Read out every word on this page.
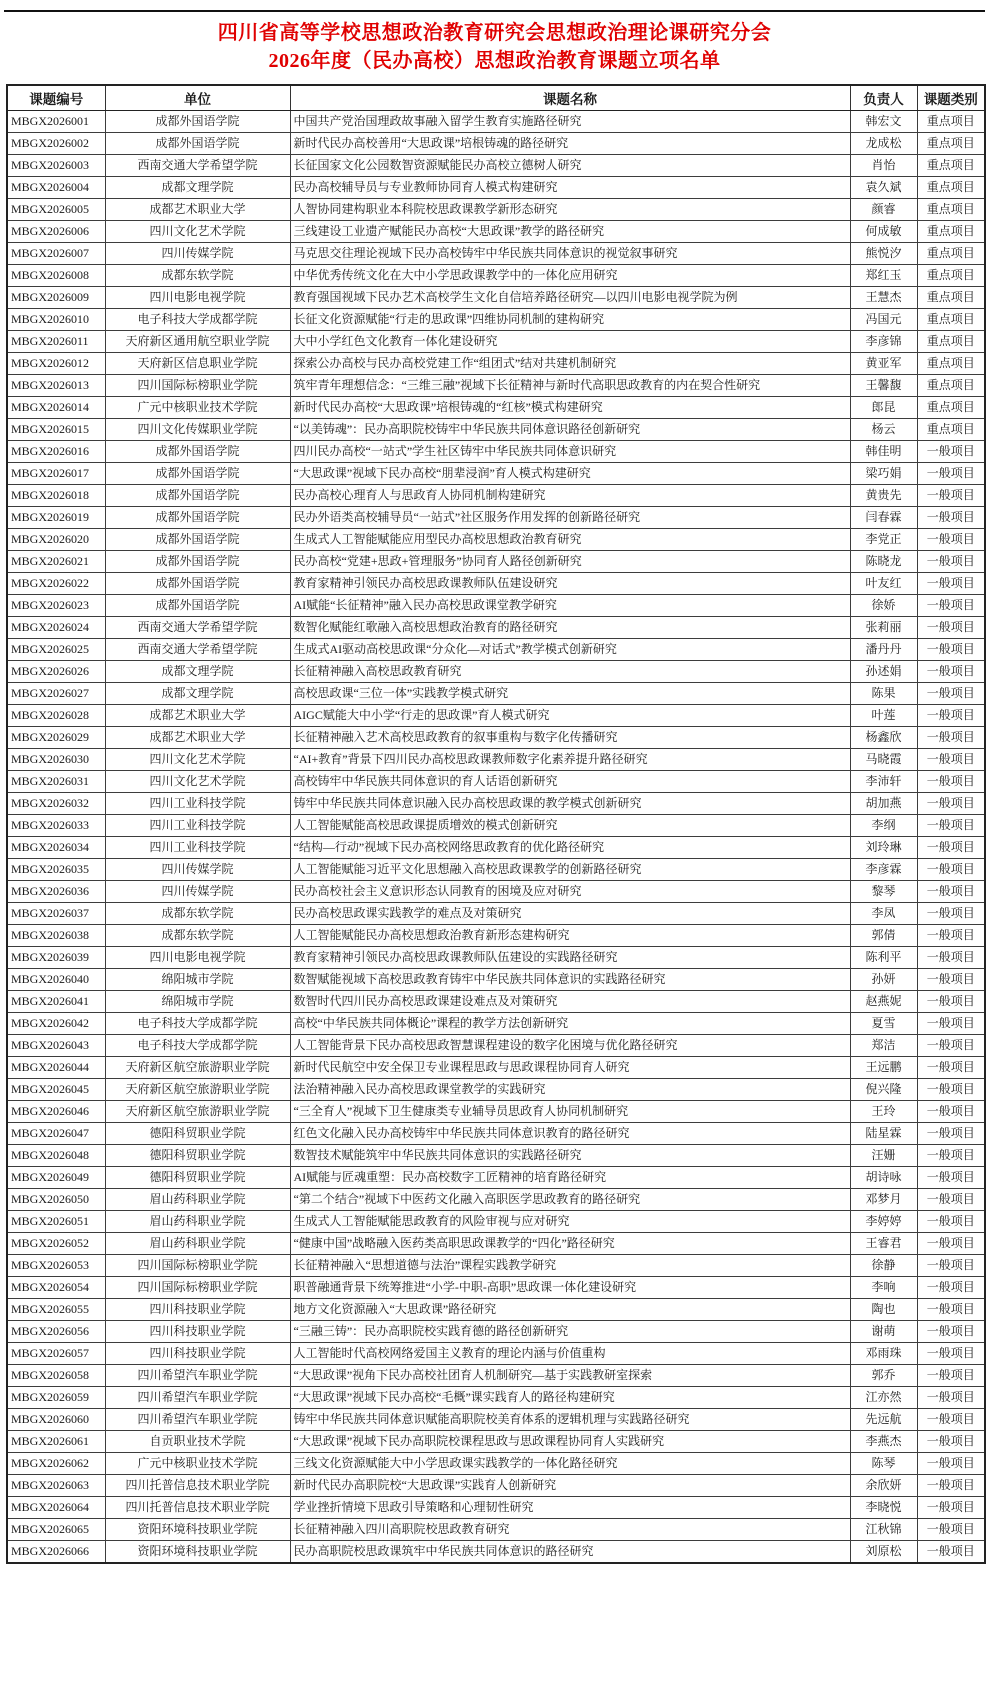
四川省高等学校思想政治教育研究会思想政治理论课研究分会
2026年度（民办高校）思想政治教育课题立项名单
课题编号	单位	课题名称	负责人	课题类别
MBGX2026001	成都外国语学院	中国共产党治国理政故事融入留学生教育实施路径研究	韩宏文	重点项目
MBGX2026002	成都外国语学院	新时代民办高校善用“大思政课”培根铸魂的路径研究	龙成松	重点项目
MBGX2026003	西南交通大学希望学院	长征国家文化公园数智资源赋能民办高校立德树人研究	肖怡	重点项目
MBGX2026004	成都文理学院	民办高校辅导员与专业教师协同育人模式构建研究	袁久斌	重点项目
MBGX2026005	成都艺术职业大学	人智协同建构职业本科院校思政课教学新形态研究	颜睿	重点项目
MBGX2026006	四川文化艺术学院	三线建设工业遗产赋能民办高校“大思政课”教学的路径研究	何成敏	重点项目
MBGX2026007	四川传媒学院	马克思交往理论视域下民办高校铸牢中华民族共同体意识的视觉叙事研究	熊悦汐	重点项目
MBGX2026008	成都东软学院	中华优秀传统文化在大中小学思政课教学中的一体化应用研究	郑红玉	重点项目
MBGX2026009	四川电影电视学院	教育强国视域下民办艺术高校学生文化自信培养路径研究—以四川电影电视学院为例	王慧杰	重点项目
MBGX2026010	电子科技大学成都学院	长征文化资源赋能“行走的思政课”四维协同机制的建构研究	冯国元	重点项目
MBGX2026011	天府新区通用航空职业学院	大中小学红色文化教育一体化建设研究	李彦锦	重点项目
MBGX2026012	天府新区信息职业学院	探索公办高校与民办高校党建工作“组团式”结对共建机制研究	黄亚军	重点项目
MBGX2026013	四川国际标榜职业学院	筑牢青年理想信念：“三维三融”视域下长征精神与新时代高职思政教育的内在契合性研究	王馨馥	重点项目
MBGX2026014	广元中核职业技术学院	新时代民办高校“大思政课”培根铸魂的“红核”模式构建研究	郎昆	重点项目
MBGX2026015	四川文化传媒职业学院	“以美铸魂”：民办高职院校铸牢中华民族共同体意识路径创新研究	杨云	重点项目
MBGX2026016	成都外国语学院	四川民办高校“一站式”学生社区铸牢中华民族共同体意识研究	韩佳明	一般项目
MBGX2026017	成都外国语学院	“大思政课”视域下民办高校“朋辈浸润”育人模式构建研究	梁巧娟	一般项目
MBGX2026018	成都外国语学院	民办高校心理育人与思政育人协同机制构建研究	黄贵先	一般项目
MBGX2026019	成都外国语学院	民办外语类高校辅导员“一站式”社区服务作用发挥的创新路径研究	闫春霖	一般项目
MBGX2026020	成都外国语学院	生成式人工智能赋能应用型民办高校思想政治教育研究	李党正	一般项目
MBGX2026021	成都外国语学院	民办高校“党建+思政+管理服务”协同育人路径创新研究	陈晓龙	一般项目
MBGX2026022	成都外国语学院	教育家精神引领民办高校思政课教师队伍建设研究	叶友红	一般项目
MBGX2026023	成都外国语学院	AI赋能“长征精神”融入民办高校思政课堂教学研究	徐娇	一般项目
MBGX2026024	西南交通大学希望学院	数智化赋能红歌融入高校思想政治教育的路径研究	张莉丽	一般项目
MBGX2026025	西南交通大学希望学院	生成式AI驱动高校思政课“分众化—对话式”教学模式创新研究	潘丹丹	一般项目
MBGX2026026	成都文理学院	长征精神融入高校思政教育研究	孙述娟	一般项目
MBGX2026027	成都文理学院	高校思政课“三位一体”实践教学模式研究	陈果	一般项目
MBGX2026028	成都艺术职业大学	AIGC赋能大中小学“行走的思政课”育人模式研究	叶莲	一般项目
MBGX2026029	成都艺术职业大学	长征精神融入艺术高校思政教育的叙事重构与数字化传播研究	杨鑫欣	一般项目
MBGX2026030	四川文化艺术学院	“AI+教育”背景下四川民办高校思政课教师数字化素养提升路径研究	马晓霞	一般项目
MBGX2026031	四川文化艺术学院	高校铸牢中华民族共同体意识的育人话语创新研究	李沛轩	一般项目
MBGX2026032	四川工业科技学院	铸牢中华民族共同体意识融入民办高校思政课的教学模式创新研究	胡加燕	一般项目
MBGX2026033	四川工业科技学院	人工智能赋能高校思政课提质增效的模式创新研究	李纲	一般项目
MBGX2026034	四川工业科技学院	“结构—行动”视域下民办高校网络思政教育的优化路径研究	刘玲琳	一般项目
MBGX2026035	四川传媒学院	人工智能赋能习近平文化思想融入高校思政课教学的创新路径研究	李彦霖	一般项目
MBGX2026036	四川传媒学院	民办高校社会主义意识形态认同教育的困境及应对研究	黎琴	一般项目
MBGX2026037	成都东软学院	民办高校思政课实践教学的难点及对策研究	李凤	一般项目
MBGX2026038	成都东软学院	人工智能赋能民办高校思想政治教育新形态建构研究	郭倩	一般项目
MBGX2026039	四川电影电视学院	教育家精神引领民办高校思政课教师队伍建设的实践路径研究	陈利平	一般项目
MBGX2026040	绵阳城市学院	数智赋能视域下高校思政教育铸牢中华民族共同体意识的实践路径研究	孙妍	一般项目
MBGX2026041	绵阳城市学院	数智时代四川民办高校思政课建设难点及对策研究	赵燕妮	一般项目
MBGX2026042	电子科技大学成都学院	高校“中华民族共同体概论”课程的教学方法创新研究	夏雪	一般项目
MBGX2026043	电子科技大学成都学院	人工智能背景下民办高校思政智慧课程建设的数字化困境与优化路径研究	郑洁	一般项目
MBGX2026044	天府新区航空旅游职业学院	新时代民航空中安全保卫专业课程思政与思政课程协同育人研究	王远鹏	一般项目
MBGX2026045	天府新区航空旅游职业学院	法治精神融入民办高校思政课堂教学的实践研究	倪兴隆	一般项目
MBGX2026046	天府新区航空旅游职业学院	“三全育人”视域下卫生健康类专业辅导员思政育人协同机制研究	王玲	一般项目
MBGX2026047	德阳科贸职业学院	红色文化融入民办高校铸牢中华民族共同体意识教育的路径研究	陆星霖	一般项目
MBGX2026048	德阳科贸职业学院	数智技术赋能筑牢中华民族共同体意识的实践路径研究	汪姗	一般项目
MBGX2026049	德阳科贸职业学院	AI赋能与匠魂重塑：民办高校数字工匠精神的培育路径研究	胡诗咏	一般项目
MBGX2026050	眉山药科职业学院	“第二个结合”视域下中医药文化融入高职医学思政教育的路径研究	邓梦月	一般项目
MBGX2026051	眉山药科职业学院	生成式人工智能赋能思政教育的风险审视与应对研究	李婷婷	一般项目
MBGX2026052	眉山药科职业学院	“健康中国”战略融入医药类高职思政课教学的“四化”路径研究	王睿君	一般项目
MBGX2026053	四川国际标榜职业学院	长征精神融入“思想道德与法治”课程实践教学研究	徐静	一般项目
MBGX2026054	四川国际标榜职业学院	职普融通背景下统筹推进“小学-中职-高职”思政课一体化建设研究	李响	一般项目
MBGX2026055	四川科技职业学院	地方文化资源融入“大思政课”路径研究	陶也	一般项目
MBGX2026056	四川科技职业学院	“三融三铸”：民办高职院校实践育德的路径创新研究	谢萌	一般项目
MBGX2026057	四川科技职业学院	人工智能时代高校网络爱国主义教育的理论内涵与价值重构	邓雨珠	一般项目
MBGX2026058	四川希望汽车职业学院	“大思政课”视角下民办高校社团育人机制研究—基于实践教研室探索	郭乔	一般项目
MBGX2026059	四川希望汽车职业学院	“大思政课”视域下民办高校“毛概”课实践育人的路径构建研究	江亦然	一般项目
MBGX2026060	四川希望汽车职业学院	铸牢中华民族共同体意识赋能高职院校美育体系的逻辑机理与实践路径研究	先远航	一般项目
MBGX2026061	自贡职业技术学院	“大思政课”视域下民办高职院校课程思政与思政课程协同育人实践研究	李燕杰	一般项目
MBGX2026062	广元中核职业技术学院	三线文化资源赋能大中小学思政课实践教学的一体化路径研究	陈琴	一般项目
MBGX2026063	四川托普信息技术职业学院	新时代民办高职院校“大思政课”实践育人创新研究	余欣妍	一般项目
MBGX2026064	四川托普信息技术职业学院	学业挫折情境下思政引导策略和心理韧性研究	李晓悦	一般项目
MBGX2026065	资阳环境科技职业学院	长征精神融入四川高职院校思政教育研究	江秋锦	一般项目
MBGX2026066	资阳环境科技职业学院	民办高职院校思政课筑牢中华民族共同体意识的路径研究	刘原松	一般项目
